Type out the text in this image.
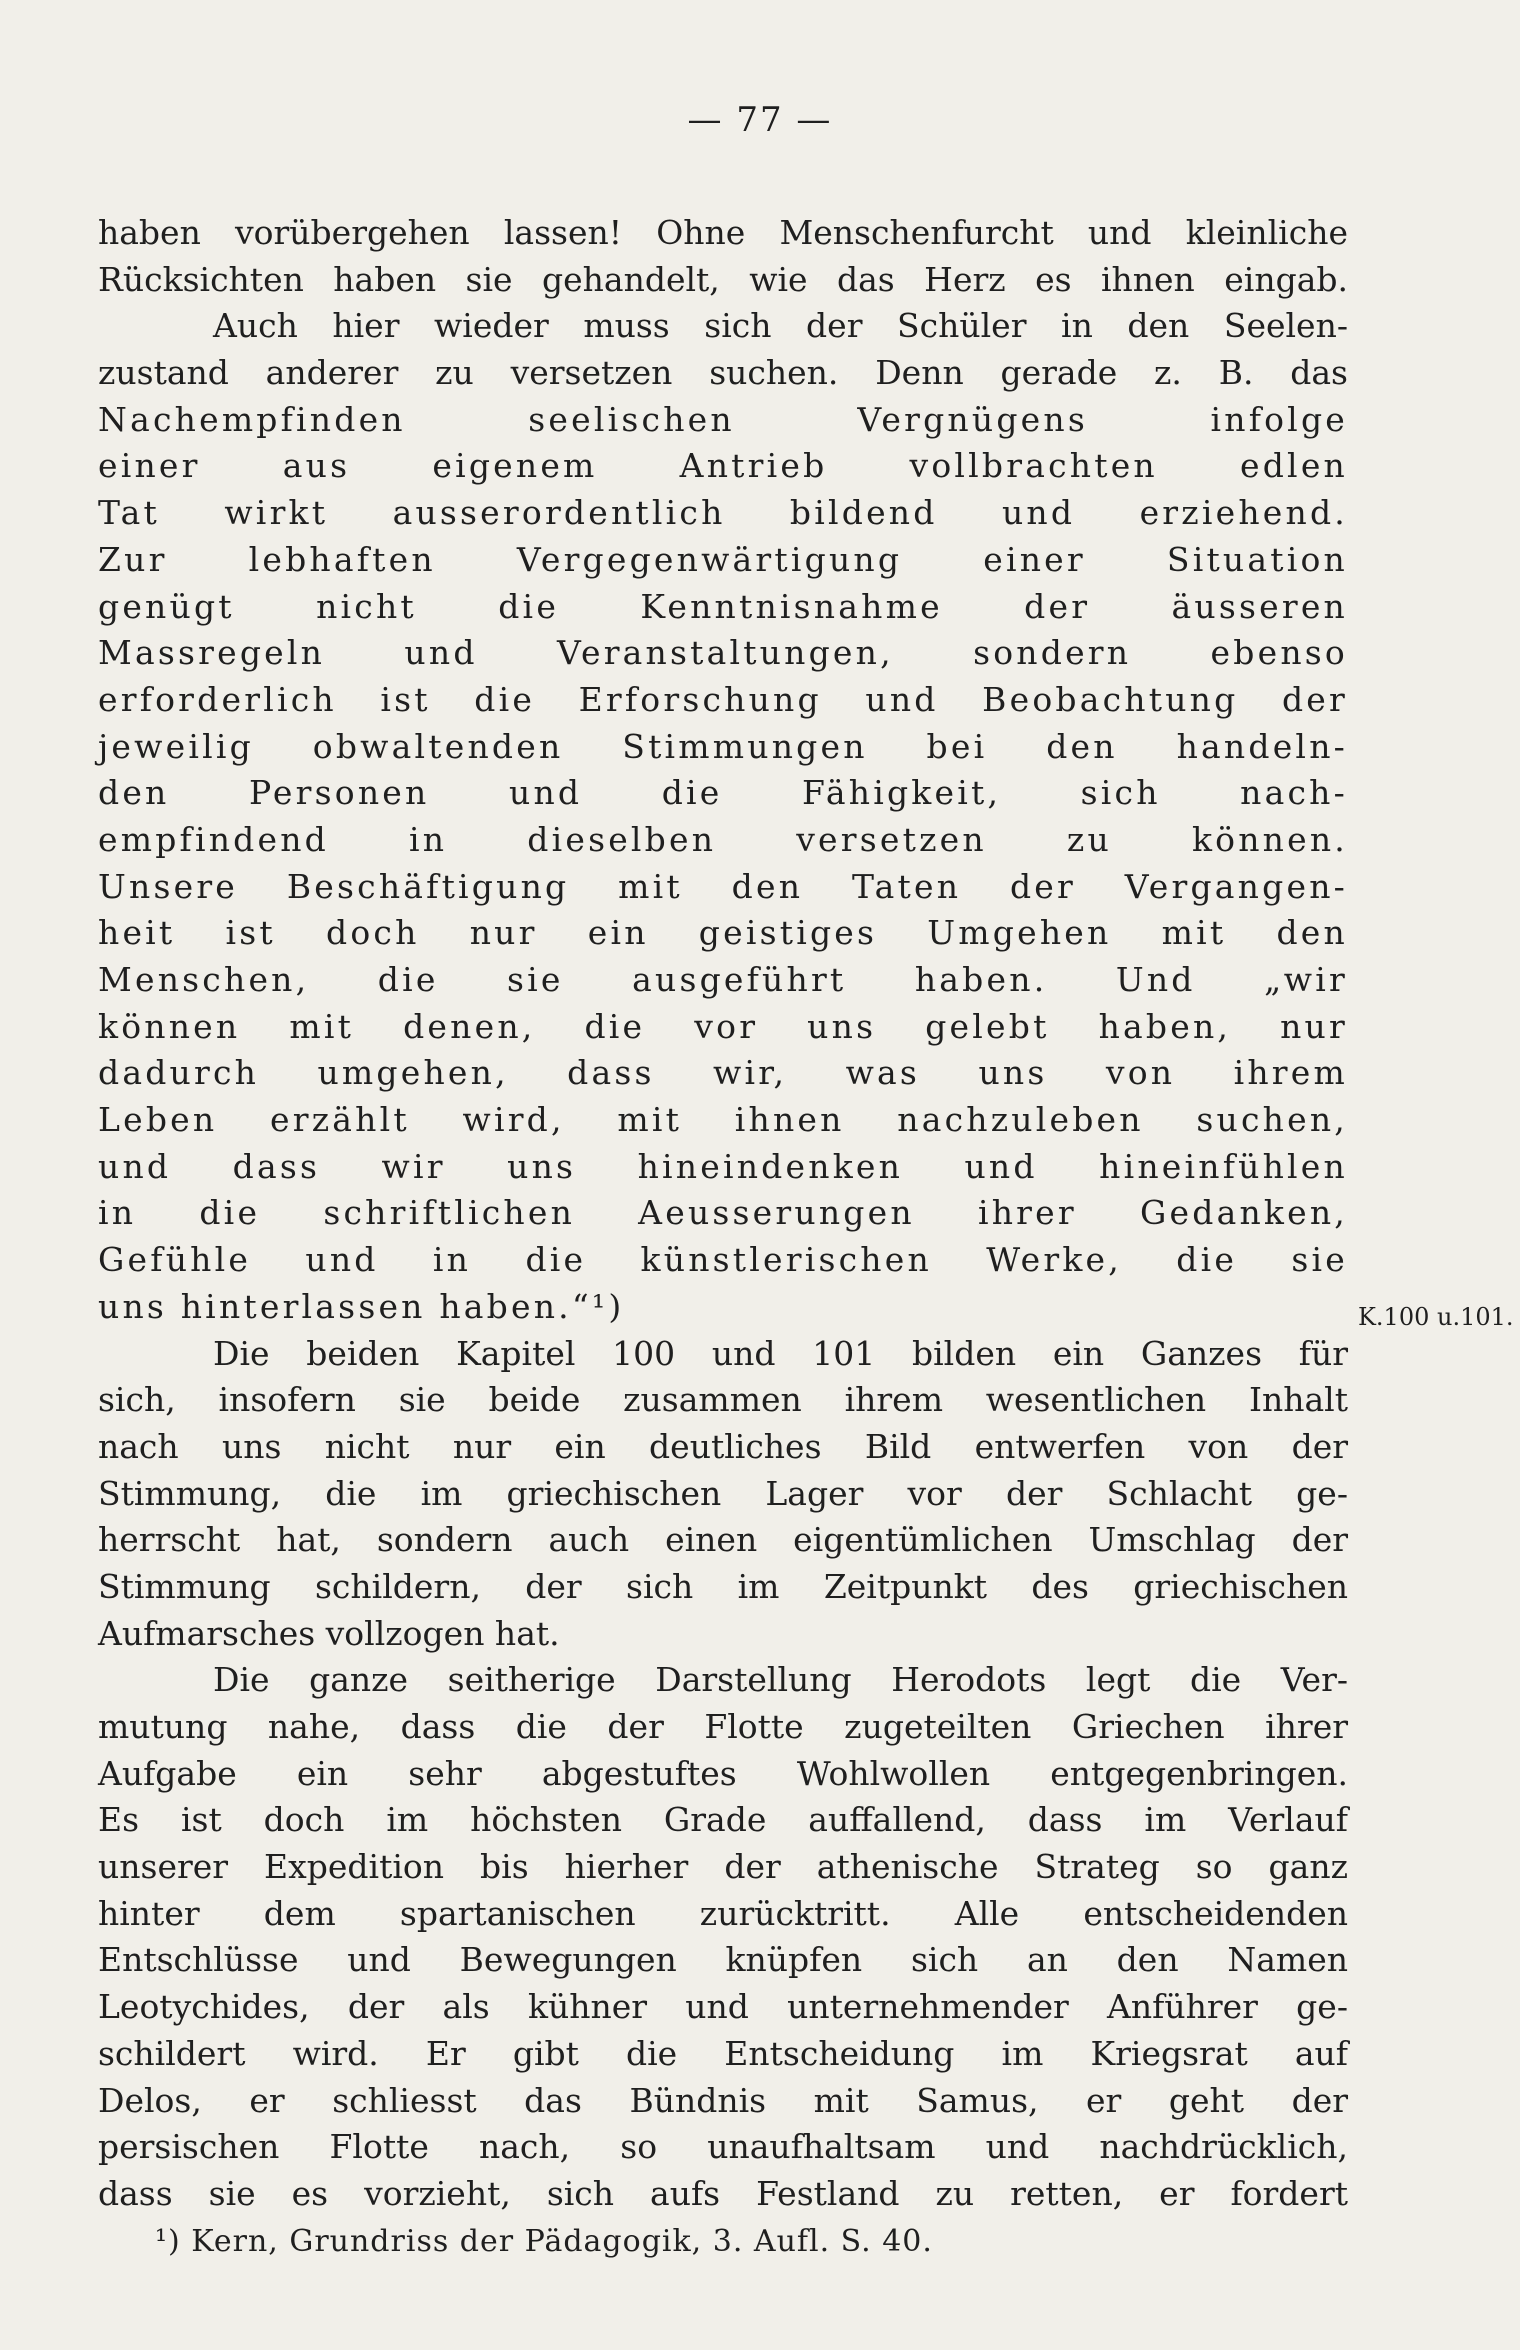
— 77 —
haben vorübergehen lassen! Ohne Menschenfurcht und kleinliche
Rücksichten haben sie gehandelt, wie das Herz es ihnen eingab.
Auch hier wieder muss sich der Schüler in den Seelen-
zustand anderer zu versetzen suchen. Denn gerade z. B. das
Nachempfinden seelischen Vergnügens infolge
einer aus eigenem Antrieb vollbrachten edlen
Tat wirkt ausserordentlich bildend und erziehend.
Zur lebhaften Vergegenwärtigung einer Situation
genügt nicht die Kenntnisnahme der äusseren
Massregeln und Veranstaltungen, sondern ebenso
erforderlich ist die Erforschung und Beobachtung der
jeweilig obwaltenden Stimmungen bei den handeln-
den Personen und die Fähigkeit, sich nach-
empfindend in dieselben versetzen zu können.
Unsere Beschäftigung mit den Taten der Vergangen-
heit ist doch nur ein geistiges Umgehen mit den
Menschen, die sie ausgeführt haben. Und „wir
können mit denen, die vor uns gelebt haben, nur
dadurch umgehen, dass wir, was uns von ihrem
Leben erzählt wird, mit ihnen nachzuleben suchen,
und dass wir uns hineindenken und hineinfühlen
in die schriftlichen Aeusserungen ihrer Gedanken,
Gefühle und in die künstlerischen Werke, die sie
uns hinterlassen haben.“¹)
Die beiden Kapitel 100 und 101 bilden ein Ganzes für
sich, insofern sie beide zusammen ihrem wesentlichen Inhalt
nach uns nicht nur ein deutliches Bild entwerfen von der
Stimmung, die im griechischen Lager vor der Schlacht ge-
herrscht hat, sondern auch einen eigentümlichen Umschlag der
Stimmung schildern, der sich im Zeitpunkt des griechischen
Aufmarsches vollzogen hat.
Die ganze seitherige Darstellung Herodots legt die Ver-
mutung nahe, dass die der Flotte zugeteilten Griechen ihrer
Aufgabe ein sehr abgestuftes Wohlwollen entgegenbringen.
Es ist doch im höchsten Grade auffallend, dass im Verlauf
unserer Expedition bis hierher der athenische Strateg so ganz
hinter dem spartanischen zurücktritt. Alle entscheidenden
Entschlüsse und Bewegungen knüpfen sich an den Namen
Leotychides, der als kühner und unternehmender Anführer ge-
schildert wird. Er gibt die Entscheidung im Kriegsrat auf
Delos, er schliesst das Bündnis mit Samus, er geht der
persischen Flotte nach, so unaufhaltsam und nachdrücklich,
dass sie es vorzieht, sich aufs Festland zu retten, er fordert
K.100 u.101.
¹) Kern, Grundriss der Pädagogik, 3. Aufl. S. 40.
